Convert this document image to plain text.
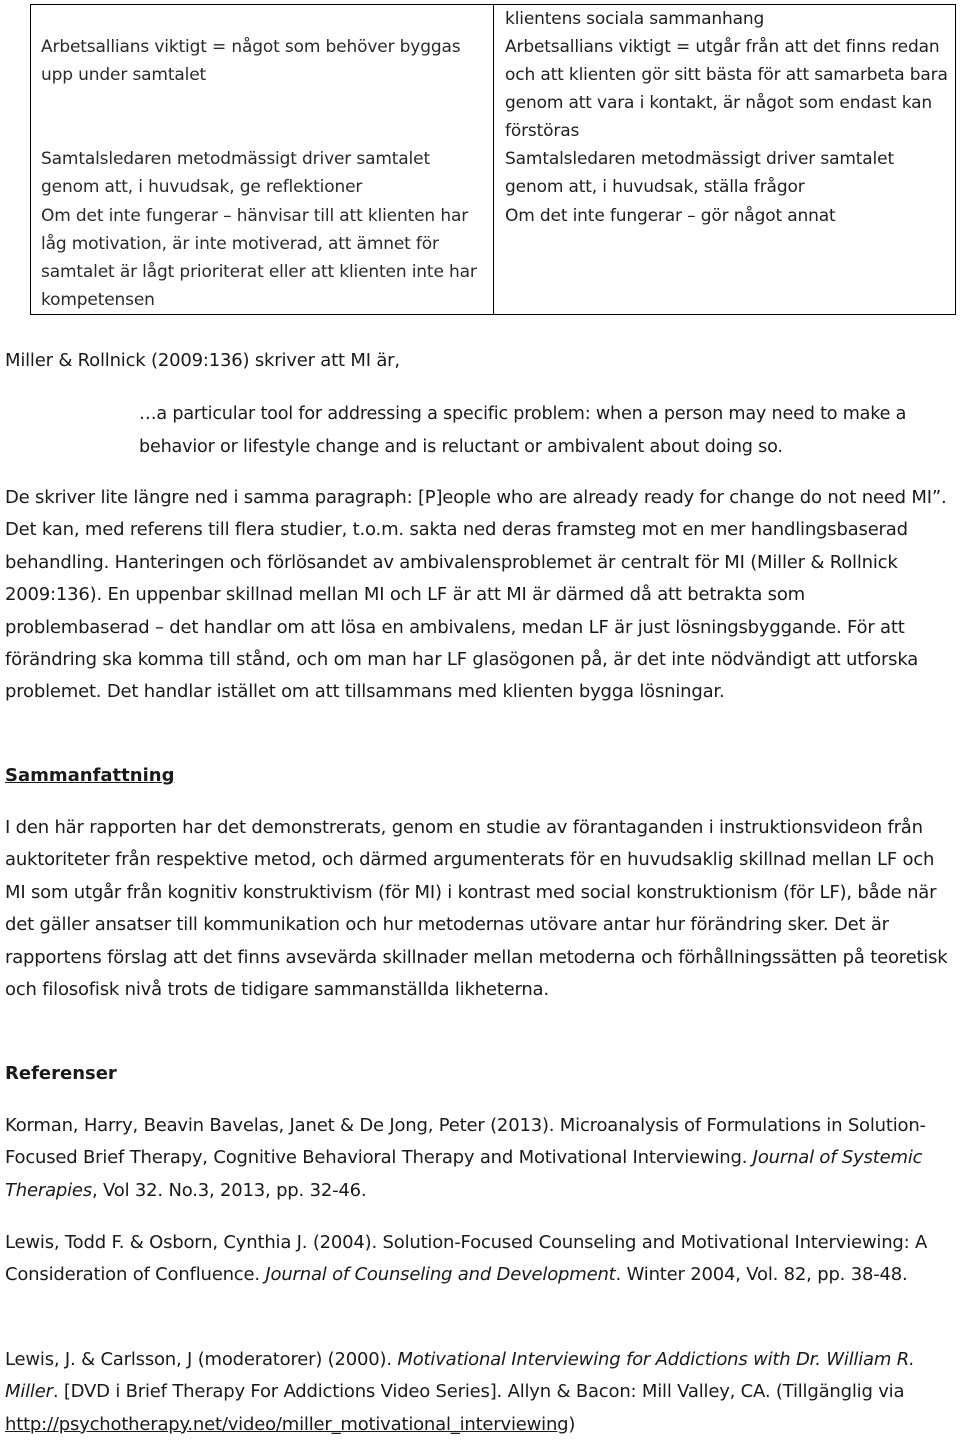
Arbetsallians viktigt = något som behöver byggas upp under samtalet
Samtalsledaren metodmässigt driver samtalet genom att, i huvudsak, ge reflektioner
Om det inte fungerar – hänvisar till att klienten har låg motivation, är inte motiverad, att ämnet för samtalet är lågt prioriterat eller att klienten inte har kompetensen
klientens sociala sammanhang
Arbetsallians viktigt = utgår från att det finns redan och att klienten gör sitt bästa för att samarbeta bara genom att vara i kontakt, är något som endast kan förstöras
Samtalsledaren metodmässigt driver samtalet genom att, i huvudsak, ställa frågor
Om det inte fungerar – gör något annat

Miller & Rollnick (2009:136) skriver att MI är,

…a particular tool for addressing a specific problem: when a person may need to make a behavior or lifestyle change and is reluctant or ambivalent about doing so.

De skriver lite längre ned i samma paragraph: [P]eople who are already ready for change do not need MI”. Det kan, med referens till flera studier, t.o.m. sakta ned deras framsteg mot en mer handlingsbaserad behandling. Hanteringen och förlösandet av ambivalensproblemet är centralt för MI (Miller & Rollnick 2009:136). En uppenbar skillnad mellan MI och LF är att MI är därmed då att betrakta som problembaserad – det handlar om att lösa en ambivalens, medan LF är just lösningsbyggande. För att förändring ska komma till stånd, och om man har LF glasögonen på, är det inte nödvändigt att utforska problemet. Det handlar istället om att tillsammans med klienten bygga lösningar.

Sammanfattning

I den här rapporten har det demonstrerats, genom en studie av förantaganden i instruktionsvideon från auktoriteter från respektive metod, och därmed argumenterats för en huvudsaklig skillnad mellan LF och MI som utgår från kognitiv konstruktivism (för MI) i kontrast med social konstruktionism (för LF), både när det gäller ansatser till kommunikation och hur metodernas utövare antar hur förändring sker. Det är rapportens förslag att det finns avsevärda skillnader mellan metoderna och förhållningssätten på teoretisk och filosofisk nivå trots de tidigare sammanställda likheterna.

Referenser

Korman, Harry, Beavin Bavelas, Janet & De Jong, Peter (2013). Microanalysis of Formulations in Solution-Focused Brief Therapy, Cognitive Behavioral Therapy and Motivational Interviewing. Journal of Systemic Therapies, Vol 32. No.3, 2013, pp. 32-46.

Lewis, Todd F. & Osborn, Cynthia J. (2004). Solution-Focused Counseling and Motivational Interviewing: A Consideration of Confluence. Journal of Counseling and Development. Winter 2004, Vol. 82, pp. 38-48.

Lewis, J. & Carlsson, J (moderatorer) (2000). Motivational Interviewing for Addictions with Dr. William R. Miller. [DVD i Brief Therapy For Addictions Video Series]. Allyn & Bacon: Mill Valley, CA. (Tillgänglig via http://psychotherapy.net/video/miller_motivational_interviewing)
